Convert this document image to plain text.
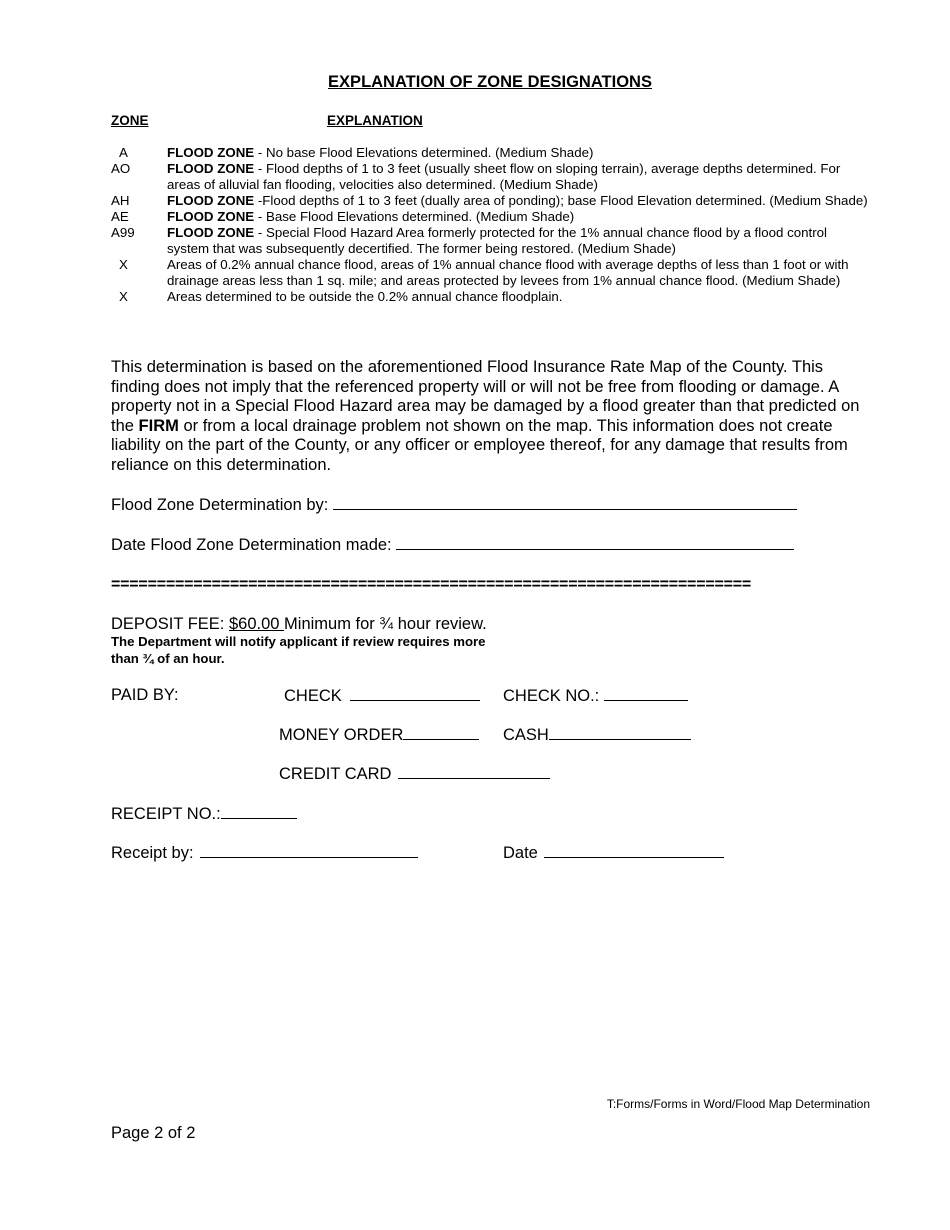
EXPLANATION OF ZONE DESIGNATIONS
ZONE	EXPLANATION
A	FLOOD ZONE - No base Flood Elevations determined. (Medium Shade)
AO	FLOOD ZONE - Flood depths of 1 to 3 feet (usually sheet flow on sloping terrain), average depths determined. For areas of alluvial fan flooding, velocities also determined. (Medium Shade)
AH	FLOOD ZONE -Flood depths of 1 to 3 feet (dually area of ponding); base Flood Elevation determined. (Medium Shade)
AE	FLOOD ZONE - Base Flood Elevations determined. (Medium Shade)
A99	FLOOD ZONE - Special Flood Hazard Area formerly protected for the 1% annual chance flood by a flood control system that was subsequently decertified. The former being restored. (Medium Shade)
X	Areas of 0.2% annual chance flood, areas of 1% annual chance flood with average depths of less than 1 foot or with drainage areas less than 1 sq. mile; and areas protected by levees from 1% annual chance flood. (Medium Shade)
X	Areas determined to be outside the 0.2% annual chance floodplain.
This determination is based on the aforementioned Flood Insurance Rate Map of the County. This finding does not imply that the referenced property will or will not be free from flooding or damage. A property not in a Special Flood Hazard area may be damaged by a flood greater than that predicted on the FIRM or from a local drainage problem not shown on the map. This information does not create liability on the part of the County, or any officer or employee thereof, for any damage that results from reliance on this determination.
Flood Zone Determination by:
Date Flood Zone Determination made:
======================================================================
DEPOSIT FEE: $60.00 Minimum for ¾ hour review.
The Department will notify applicant if review requires more than ¾ of an hour.
PAID BY:	CHECK	CHECK NO.:
MONEY ORDER	CASH
CREDIT CARD
RECEIPT NO.:
Receipt by:	Date
T:Forms/Forms in Word/Flood Map Determination
Page 2 of 2
